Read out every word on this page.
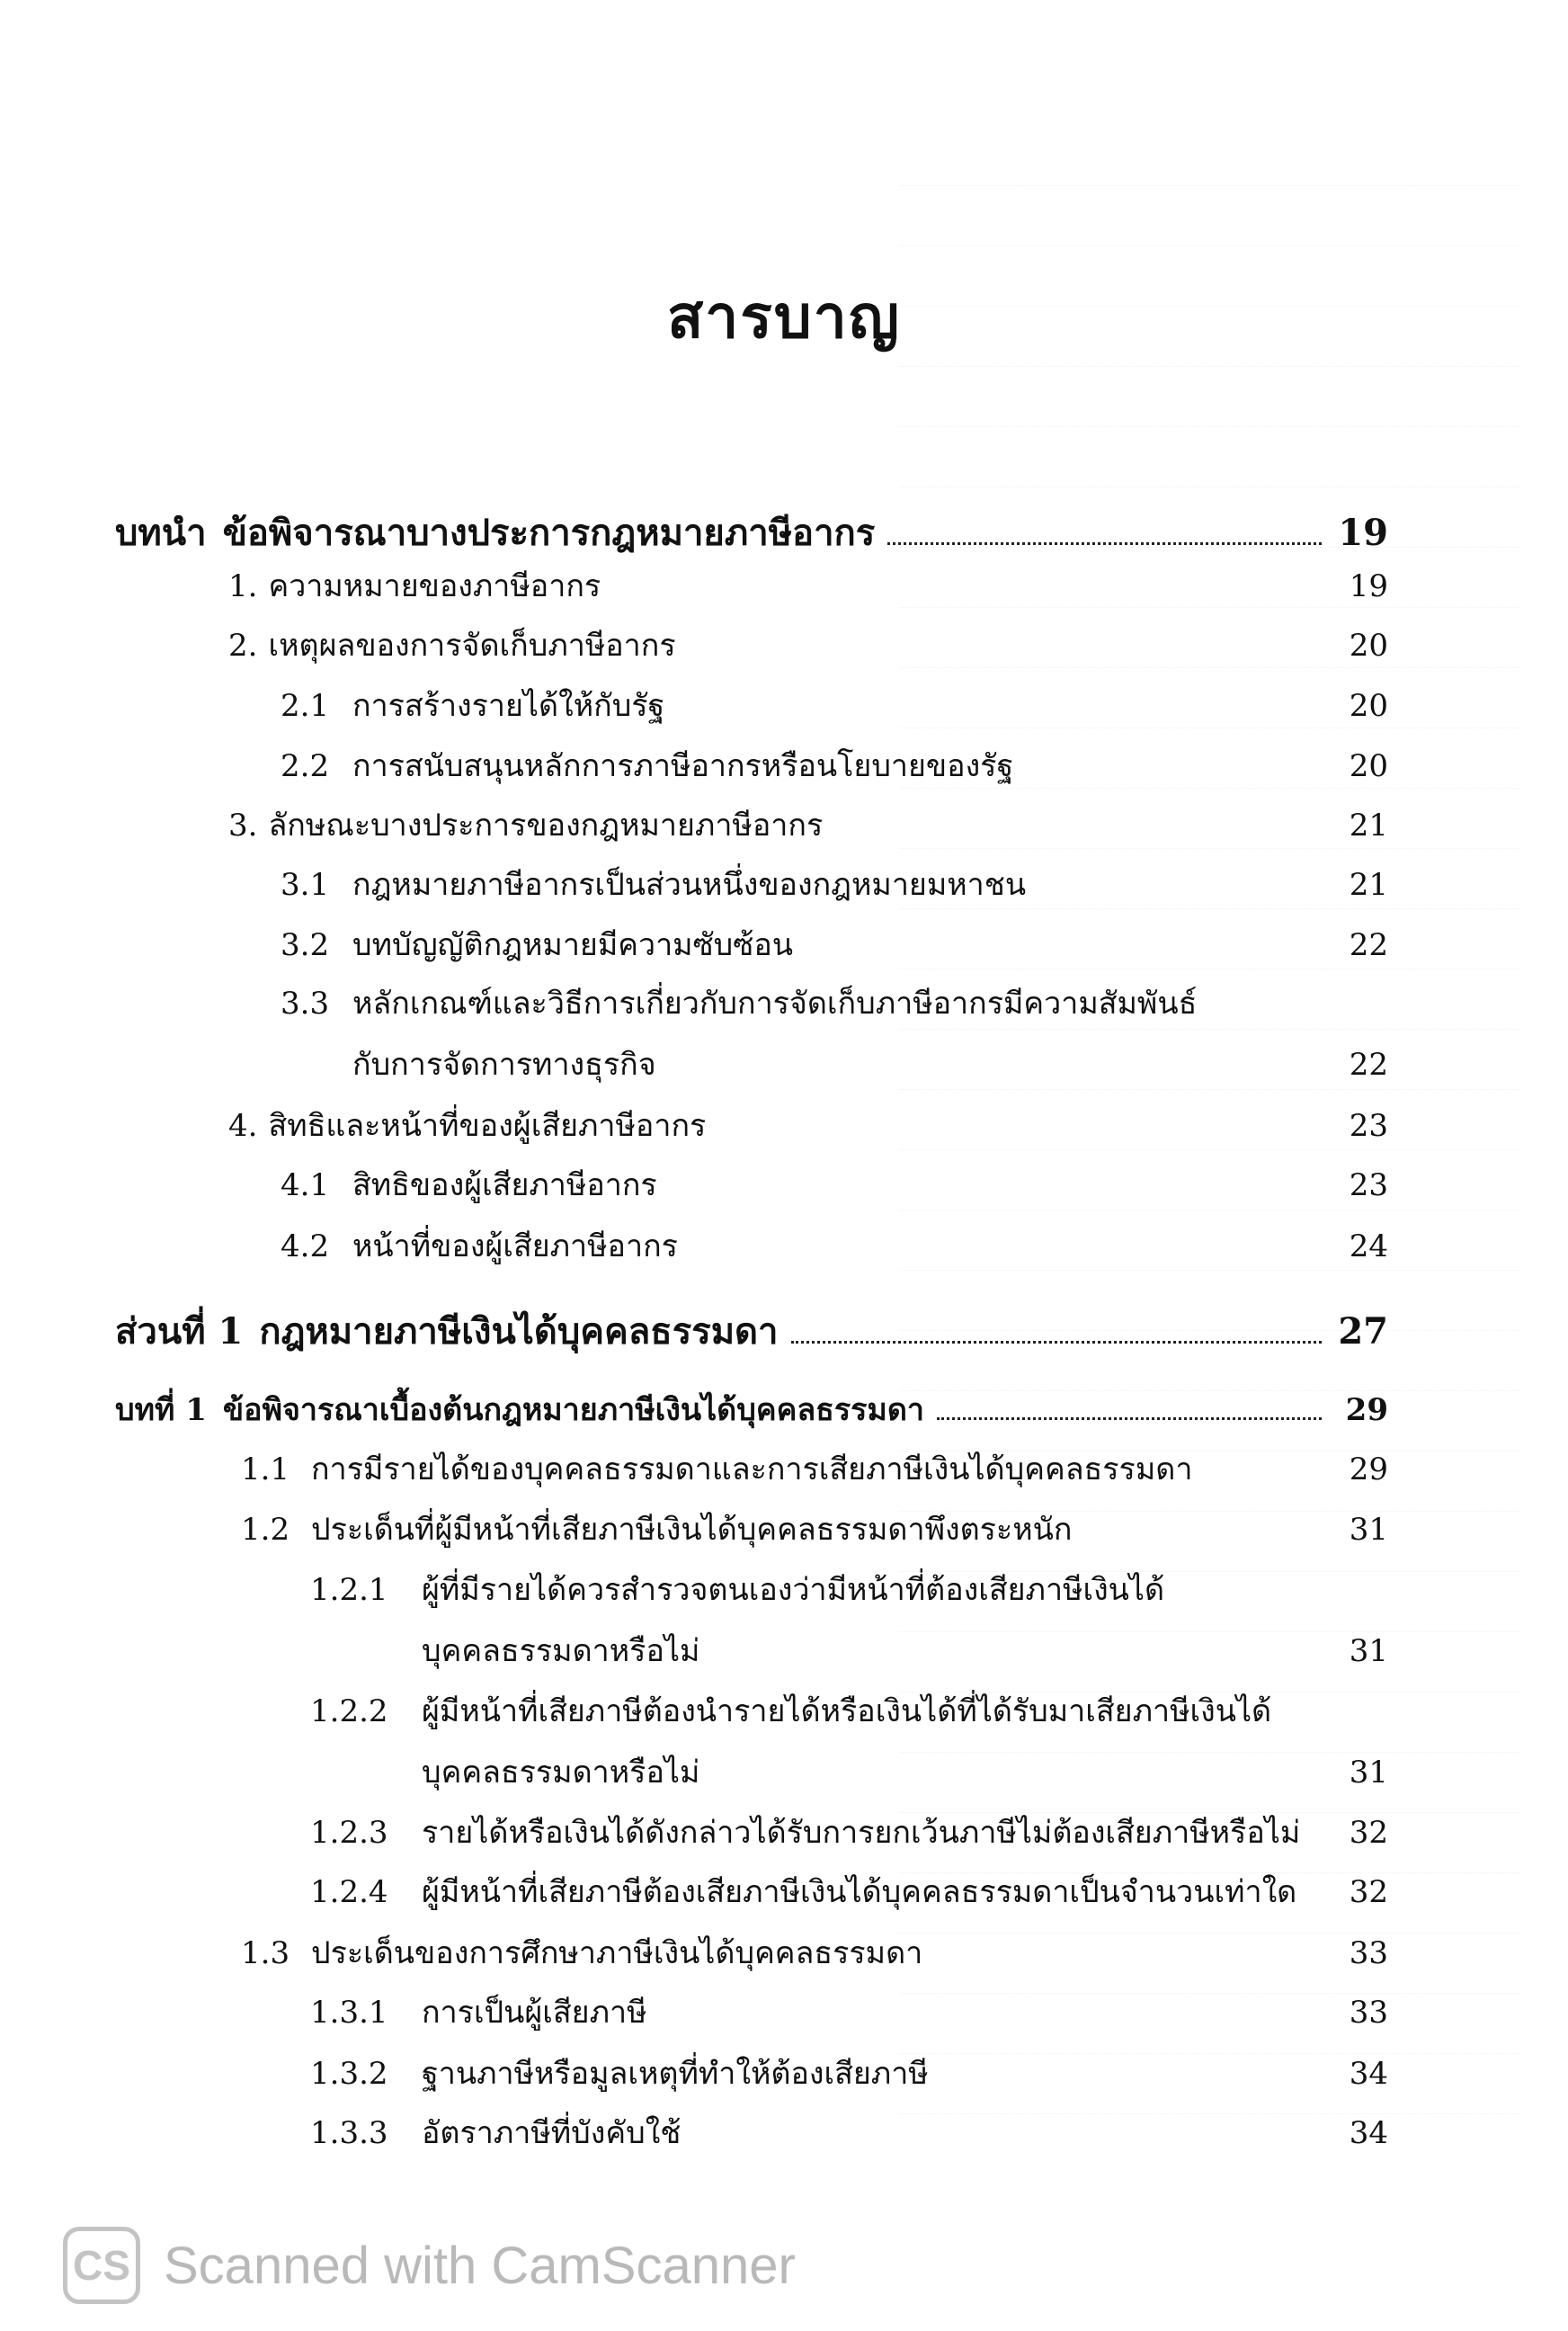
สารบาญ
บทนำ ข้อพิจารณาบางประการกฎหมายภาษีอากร	19
1. ความหมายของภาษีอากร	19
2. เหตุผลของการจัดเก็บภาษีอากร	20
2.1 การสร้างรายได้ให้กับรัฐ	20
2.2 การสนับสนุนหลักการภาษีอากรหรือนโยบายของรัฐ	20
3. ลักษณะบางประการของกฎหมายภาษีอากร	21
3.1 กฎหมายภาษีอากรเป็นส่วนหนึ่งของกฎหมายมหาชน	21
3.2 บทบัญญัติกฎหมายมีความซับซ้อน	22
3.3 หลักเกณฑ์และวิธีการเกี่ยวกับการจัดเก็บภาษีอากรมีความสัมพันธ์
กับการจัดการทางธุรกิจ	22
4. สิทธิและหน้าที่ของผู้เสียภาษีอากร	23
4.1 สิทธิของผู้เสียภาษีอากร	23
4.2 หน้าที่ของผู้เสียภาษีอากร	24
ส่วนที่ 1 กฎหมายภาษีเงินได้บุคคลธรรมดา	27
บทที่ 1 ข้อพิจารณาเบื้องต้นกฎหมายภาษีเงินได้บุคคลธรรมดา	29
1.1 การมีรายได้ของบุคคลธรรมดาและการเสียภาษีเงินได้บุคคลธรรมดา	29
1.2 ประเด็นที่ผู้มีหน้าที่เสียภาษีเงินได้บุคคลธรรมดาพึงตระหนัก	31
1.2.1	ผู้ที่มีรายได้ควรสำรวจตนเองว่ามีหน้าที่ต้องเสียภาษีเงินได้
บุคคลธรรมดาหรือไม่	31
1.2.2	ผู้มีหน้าที่เสียภาษีต้องนำรายได้หรือเงินได้ที่ได้รับมาเสียภาษีเงินได้
บุคคลธรรมดาหรือไม่	31
1.2.3	รายได้หรือเงินได้ดังกล่าวได้รับการยกเว้นภาษีไม่ต้องเสียภาษีหรือไม่	32
1.2.4	ผู้มีหน้าที่เสียภาษีต้องเสียภาษีเงินได้บุคคลธรรมดาเป็นจำนวนเท่าใด	32
1.3 ประเด็นของการศึกษาภาษีเงินได้บุคคลธรรมดา	33
1.3.1	การเป็นผู้เสียภาษี	33
1.3.2	ฐานภาษีหรือมูลเหตุที่ทำให้ต้องเสียภาษี	34
1.3.3	อัตราภาษีที่บังคับใช้	34
CS Scanned with CamScanner
